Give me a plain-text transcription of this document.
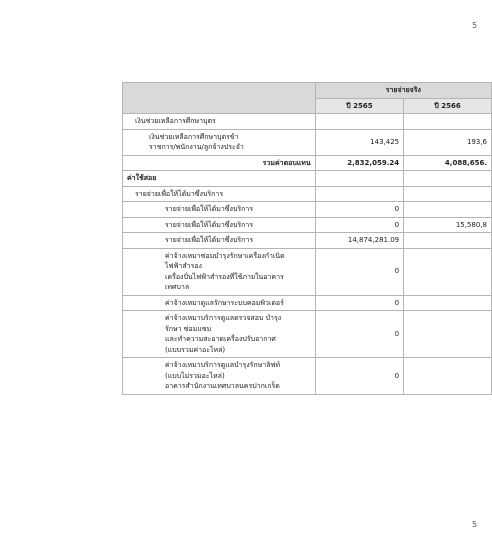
5
	รายจ่ายจริง	
	ปี 2565	ปี 2566
เงินช่วยเหลือการศึกษาบุตร		

เงินช่วยเหลือการศึกษาบุตรข้า
ราชการ/พนักงาน/ลูกจ้างประจำ	143,425	193,6
รวมค่าตอบแทน	2,832,059.24	4,088,656.
ค่าใช้สอย		
รายจ่ายเพื่อให้ได้มาซึ่งบริการ		
รายจ่ายเพื่อให้ได้มาซึ่งบริการ	0	
รายจ่ายเพื่อให้ได้มาซึ่งบริการ	0	15,580,8
รายจ่ายเพื่อให้ได้มาซึ่งบริการ	14,874,281.09	

ค่าจ้างเหมาซ่อมบำรุงรักษาเครื่องกำเนิด
ไฟฟ้าสำรอง
เครื่องปั่นไฟฟ้าสำรองที่ใช้ภายในอาคาร
เทศบาล	0	
ค่าจ้างเหมาดูแลรักษาระบบคอมพิวเตอร์	0	

ค่าจ้างเหมาบริการดูแลตรวจสอบ บำรุง
รักษา ซ่อมแซม
และทำความสะอาดเครื่องปรับอากาศ
(แบบรวมค่าอะไหล่)	0	

ค่าจ้างเหมาบริการดูแลบำรุงรักษาลิฟท์
(แบบไม่รวมอะไหล่)
อาคารสำนักงานเทศบาลนครปากเกร็ด	0	
5
